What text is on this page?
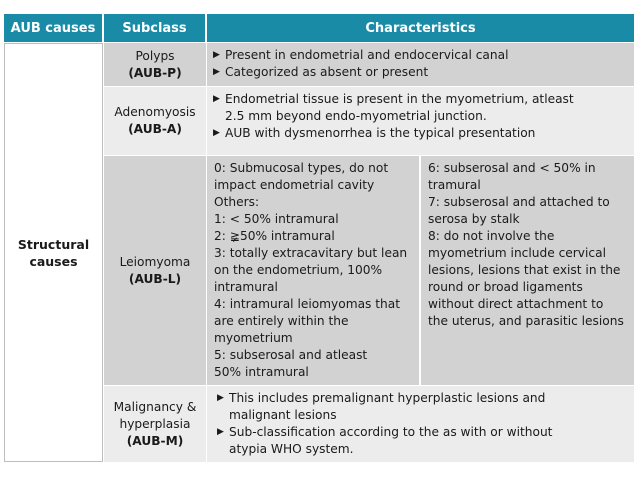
AUB causes	Subclass	Characteristics
Structural causes
Polyps
(AUB-P)
▶ Present in endometrial and endocervical canal
▶ Categorized as absent or present
Adenomyosis
(AUB-A)
▶ Endometrial tissue is present in the myometrium, atleast
2.5 mm beyond endo-myometrial junction.
▶ AUB with dysmenorrhea is the typical presentation
Leiomyoma
(AUB-L)
0: Submucosal types, do not
impact endometrial cavity
Others:
1: < 50% intramural
2: ≩50% intramural
3: totally extracavitary but lean
on the endometrium, 100%
intramural
4: intramural leiomyomas that
are entirely within the
myometrium
5: subserosal and atleast
50% intramural
6: subserosal and < 50% in
tramural
7: subserosal and attached to
serosa by stalk
8: do not involve the
myometrium include cervical
lesions, lesions that exist in the
round or broad ligaments
without direct attachment to
the uterus, and parasitic lesions
Malignancy &
hyperplasia
(AUB-M)
▶ This includes premalignant hyperplastic lesions and
malignant lesions
▶ Sub-classification according to the as with or without
atypia WHO system.
